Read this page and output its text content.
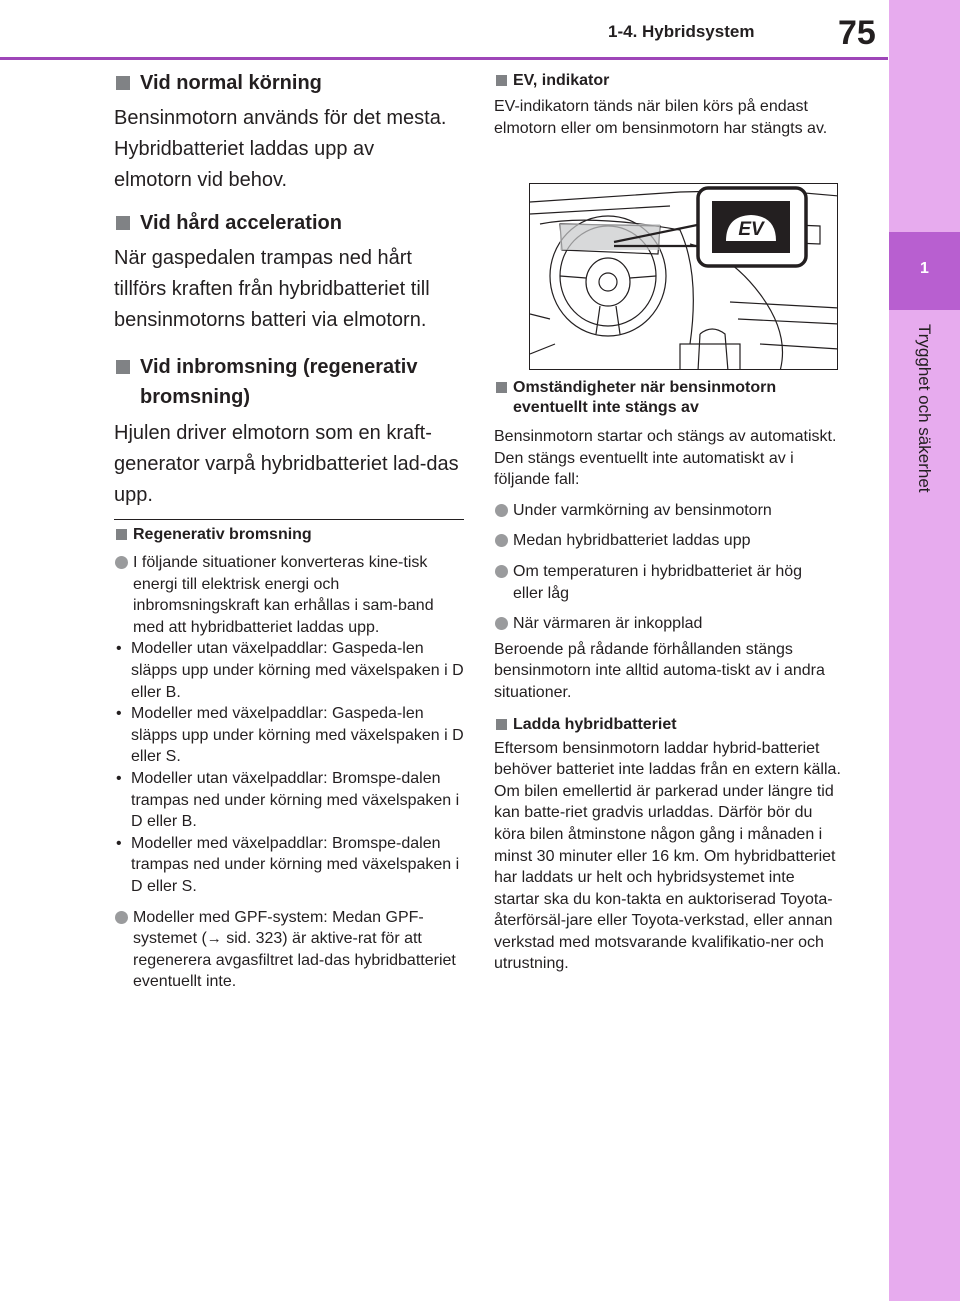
1-4. Hybridsystem 75
1
Trygghet och säkerhet
Vid normal körning

Bensinmotorn används för det mesta. Hybridbatteriet laddas upp av elmotorn vid behov.

Vid hård acceleration

När gaspedalen trampas ned hårt tillförs kraften från hybridbatteriet till bensinmotorns batteri via elmotorn.

Vid inbromsning (regenerativ bromsning)

Hjulen driver elmotorn som en kraft-generator varpå hybridbatteriet lad-das upp.

Regenerativ bromsning
I följande situationer konverteras kine-tisk energi till elektrisk energi och inbromsningskraft kan erhållas i sam-band med att hybridbatteriet laddas upp.
• Modeller utan växelpaddlar: Gaspeda-len släpps upp under körning med växelspaken i D eller B.
• Modeller med växelpaddlar: Gaspeda-len släpps upp under körning med växelspaken i D eller S.
• Modeller utan växelpaddlar: Bromspe-dalen trampas ned under körning med växelspaken i D eller B.
• Modeller med växelpaddlar: Bromspe-dalen trampas ned under körning med växelspaken i D eller S.
Modeller med GPF-system: Medan GPF-systemet (→ sid. 323) är aktive-rat för att regenerera avgasfiltret lad-das hybridbatteriet eventuellt inte.
EV, indikator

EV-indikatorn tänds när bilen körs på endast elmotorn eller om bensinmotorn har stängts av.

EV
Omständigheter när bensinmotorn eventuellt inte stängs av

Bensinmotorn startar och stängs av automatiskt. Den stängs eventuellt inte automatiskt av i följande fall:

Under varmkörning av bensinmotorn
Medan hybridbatteriet laddas upp
Om temperaturen i hybridbatteriet är hög eller låg
När värmaren är inkopplad

Beroende på rådande förhållanden stängs bensinmotorn inte alltid automa-tiskt av i andra situationer.

Ladda hybridbatteriet

Eftersom bensinmotorn laddar hybrid-batteriet behöver batteriet inte laddas från en extern källa. Om bilen emellertid är parkerad under längre tid kan batte-riet gradvis urladdas. Därför bör du köra bilen åtminstone någon gång i månaden i minst 30 minuter eller 16 km. Om hybridbatteriet har laddats ur helt och hybridsystemet inte startar ska du kon-takta en auktoriserad Toyota-återförsäl-jare eller Toyota-verkstad, eller annan verkstad med motsvarande kvalifikatio-ner och utrustning.
